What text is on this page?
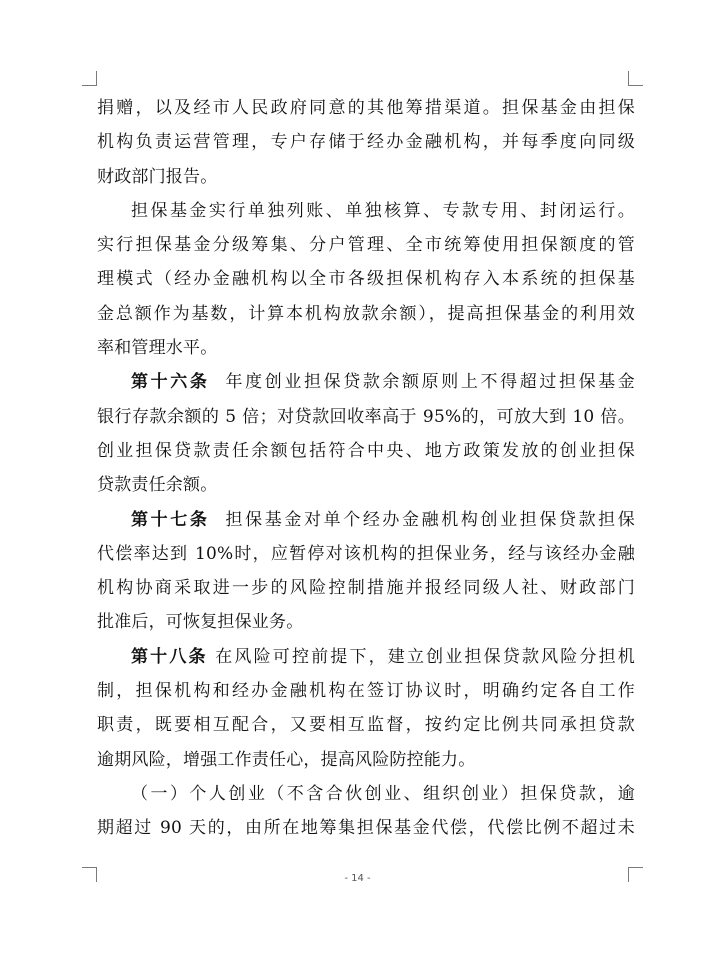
捐赠，以及经市人民政府同意的其他筹措渠道。担保基金由担保
机构负责运营管理，专户存储于经办金融机构，并每季度向同级
财政部门报告。
担保基金实行单独列账、单独核算、专款专用、封闭运行。
实行担保基金分级筹集、分户管理、全市统筹使用担保额度的管
理模式（经办金融机构以全市各级担保机构存入本系统的担保基
金总额作为基数，计算本机构放款余额），提高担保基金的利用效
率和管理水平。
第十六条 年度创业担保贷款余额原则上不得超过担保基金
银行存款余额的 5 倍；对贷款回收率高于 95%的，可放大到 10 倍。
创业担保贷款责任余额包括符合中央、地方政策发放的创业担保
贷款责任余额。
第十七条 担保基金对单个经办金融机构创业担保贷款担保
代偿率达到 10%时，应暂停对该机构的担保业务，经与该经办金融
机构协商采取进一步的风险控制措施并报经同级人社、财政部门
批准后，可恢复担保业务。
第十八条 在风险可控前提下，建立创业担保贷款风险分担机
制，担保机构和经办金融机构在签订协议时，明确约定各自工作
职责，既要相互配合，又要相互监督，按约定比例共同承担贷款
逾期风险，增强工作责任心，提高风险防控能力。
（一）个人创业（不含合伙创业、组织创业）担保贷款，逾
期超过 90 天的，由所在地筹集担保基金代偿，代偿比例不超过未
- 14 -
